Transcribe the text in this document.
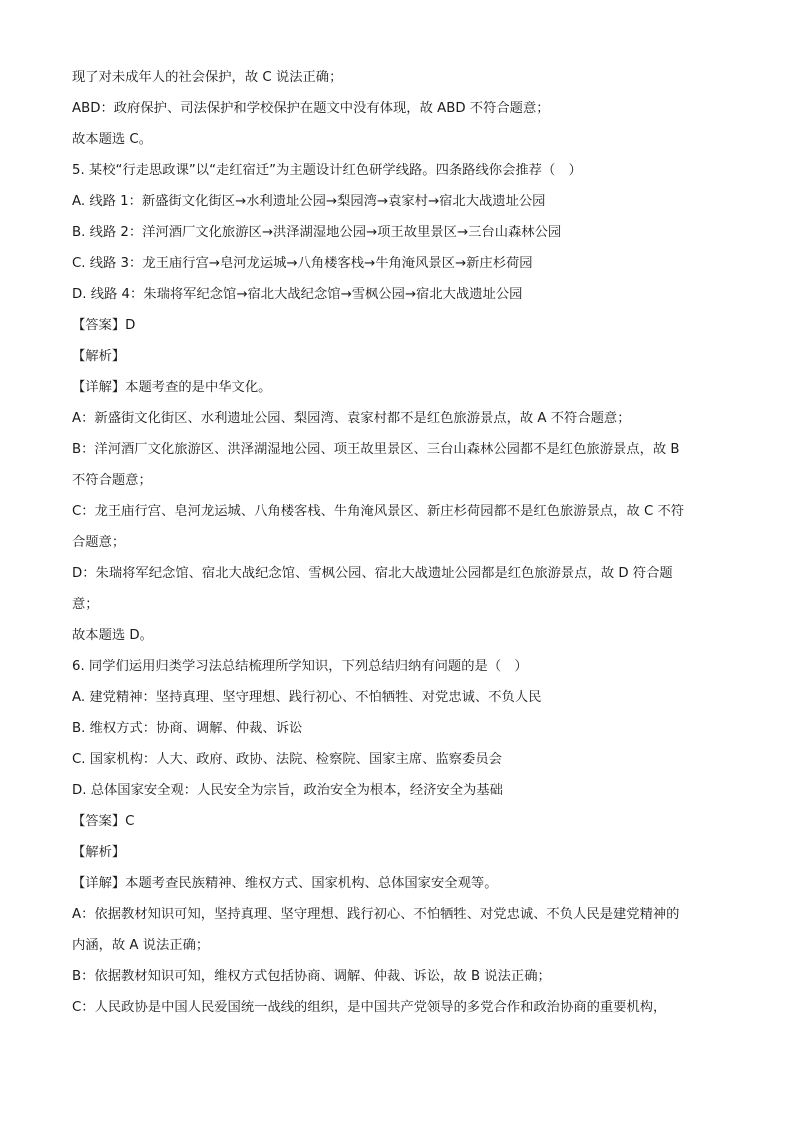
现了对未成年人的社会保护，故 C 说法正确；
ABD：政府保护、司法保护和学校保护在题文中没有体现，故 ABD 不符合题意；
故本题选 C。
5. 某校“行走思政课”以“走红宿迁”为主题设计红色研学线路。四条路线你会推荐（　）
A. 线路 1：新盛街文化街区→水利遗址公园→梨园湾→袁家村→宿北大战遗址公园
B. 线路 2：洋河酒厂文化旅游区→洪泽湖湿地公园→项王故里景区→三台山森林公园
C. 线路 3：龙王庙行宫→皂河龙运城→八角楼客栈→牛角淹风景区→新庄杉荷园
D. 线路 4：朱瑞将军纪念馆→宿北大战纪念馆→雪枫公园→宿北大战遗址公园
【答案】D
【解析】
【详解】本题考查的是中华文化。
A：新盛街文化街区、水利遗址公园、梨园湾、袁家村都不是红色旅游景点，故 A 不符合题意；
B：洋河酒厂文化旅游区、洪泽湖湿地公园、项王故里景区、三台山森林公园都不是红色旅游景点，故 B
不符合题意；
C：龙王庙行宫、皂河龙运城、八角楼客栈、牛角淹风景区、新庄杉荷园都不是红色旅游景点，故 C 不符
合题意；
D：朱瑞将军纪念馆、宿北大战纪念馆、雪枫公园、宿北大战遗址公园都是红色旅游景点，故 D 符合题
意；
故本题选 D。
6. 同学们运用归类学习法总结梳理所学知识，下列总结归纳有问题的是（　）
A. 建党精神：坚持真理、坚守理想、践行初心、不怕牺牲、对党忠诚、不负人民
B. 维权方式：协商、调解、仲裁、诉讼
C. 国家机构：人大、政府、政协、法院、检察院、国家主席、监察委员会
D. 总体国家安全观：人民安全为宗旨，政治安全为根本，经济安全为基础
【答案】C
【解析】
【详解】本题考查民族精神、维权方式、国家机构、总体国家安全观等。
A：依据教材知识可知，坚持真理、坚守理想、践行初心、不怕牺牲、对党忠诚、不负人民是建党精神的
内涵，故 A 说法正确；
B：依据教材知识可知，维权方式包括协商、调解、仲裁、诉讼，故 B 说法正确；
C：人民政协是中国人民爱国统一战线的组织，是中国共产党领导的多党合作和政治协商的重要机构，
